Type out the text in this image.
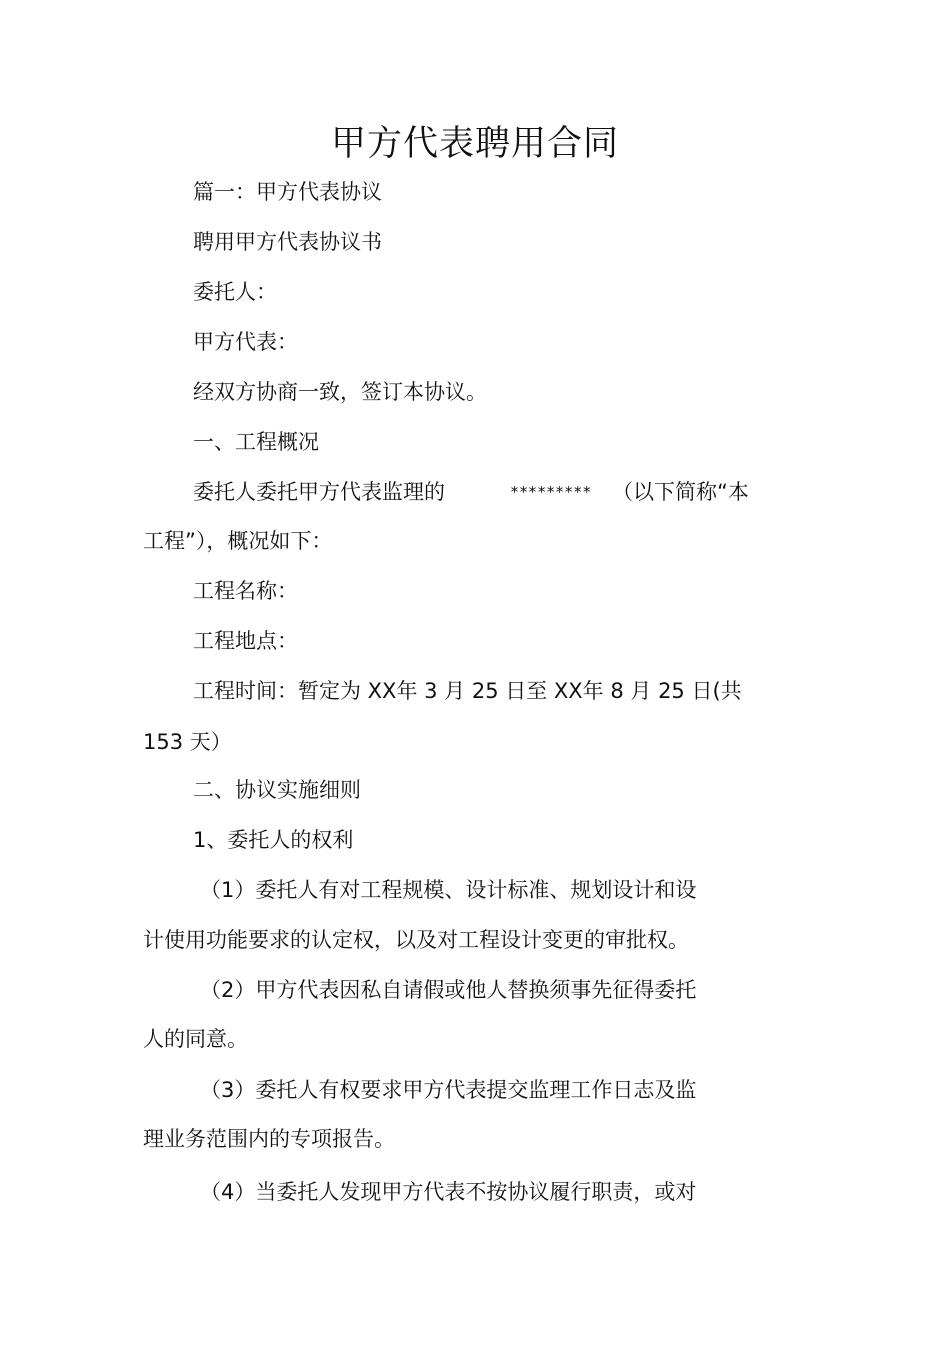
甲方代表聘用合同
篇一：甲方代表协议
聘用甲方代表协议书
委托人：
甲方代表：
经双方协商一致，签订本协议。
一、工程概况
委托人委托甲方代表监理的	********* （以下简称“本
工程”），概况如下：
工程名称：
工程地点：
工程时间：暂定为 XX年 3 月 25 日至 XX年 8 月 25 日(共
153 天）
二、协议实施细则
1、委托人的权利
（1）委托人有对工程规模、设计标准、规划设计和设
计使用功能要求的认定权，以及对工程设计变更的审批权。
（2）甲方代表因私自请假或他人替换须事先征得委托
人的同意。
（3）委托人有权要求甲方代表提交监理工作日志及监
理业务范围内的专项报告。
（4）当委托人发现甲方代表不按协议履行职责，或对
